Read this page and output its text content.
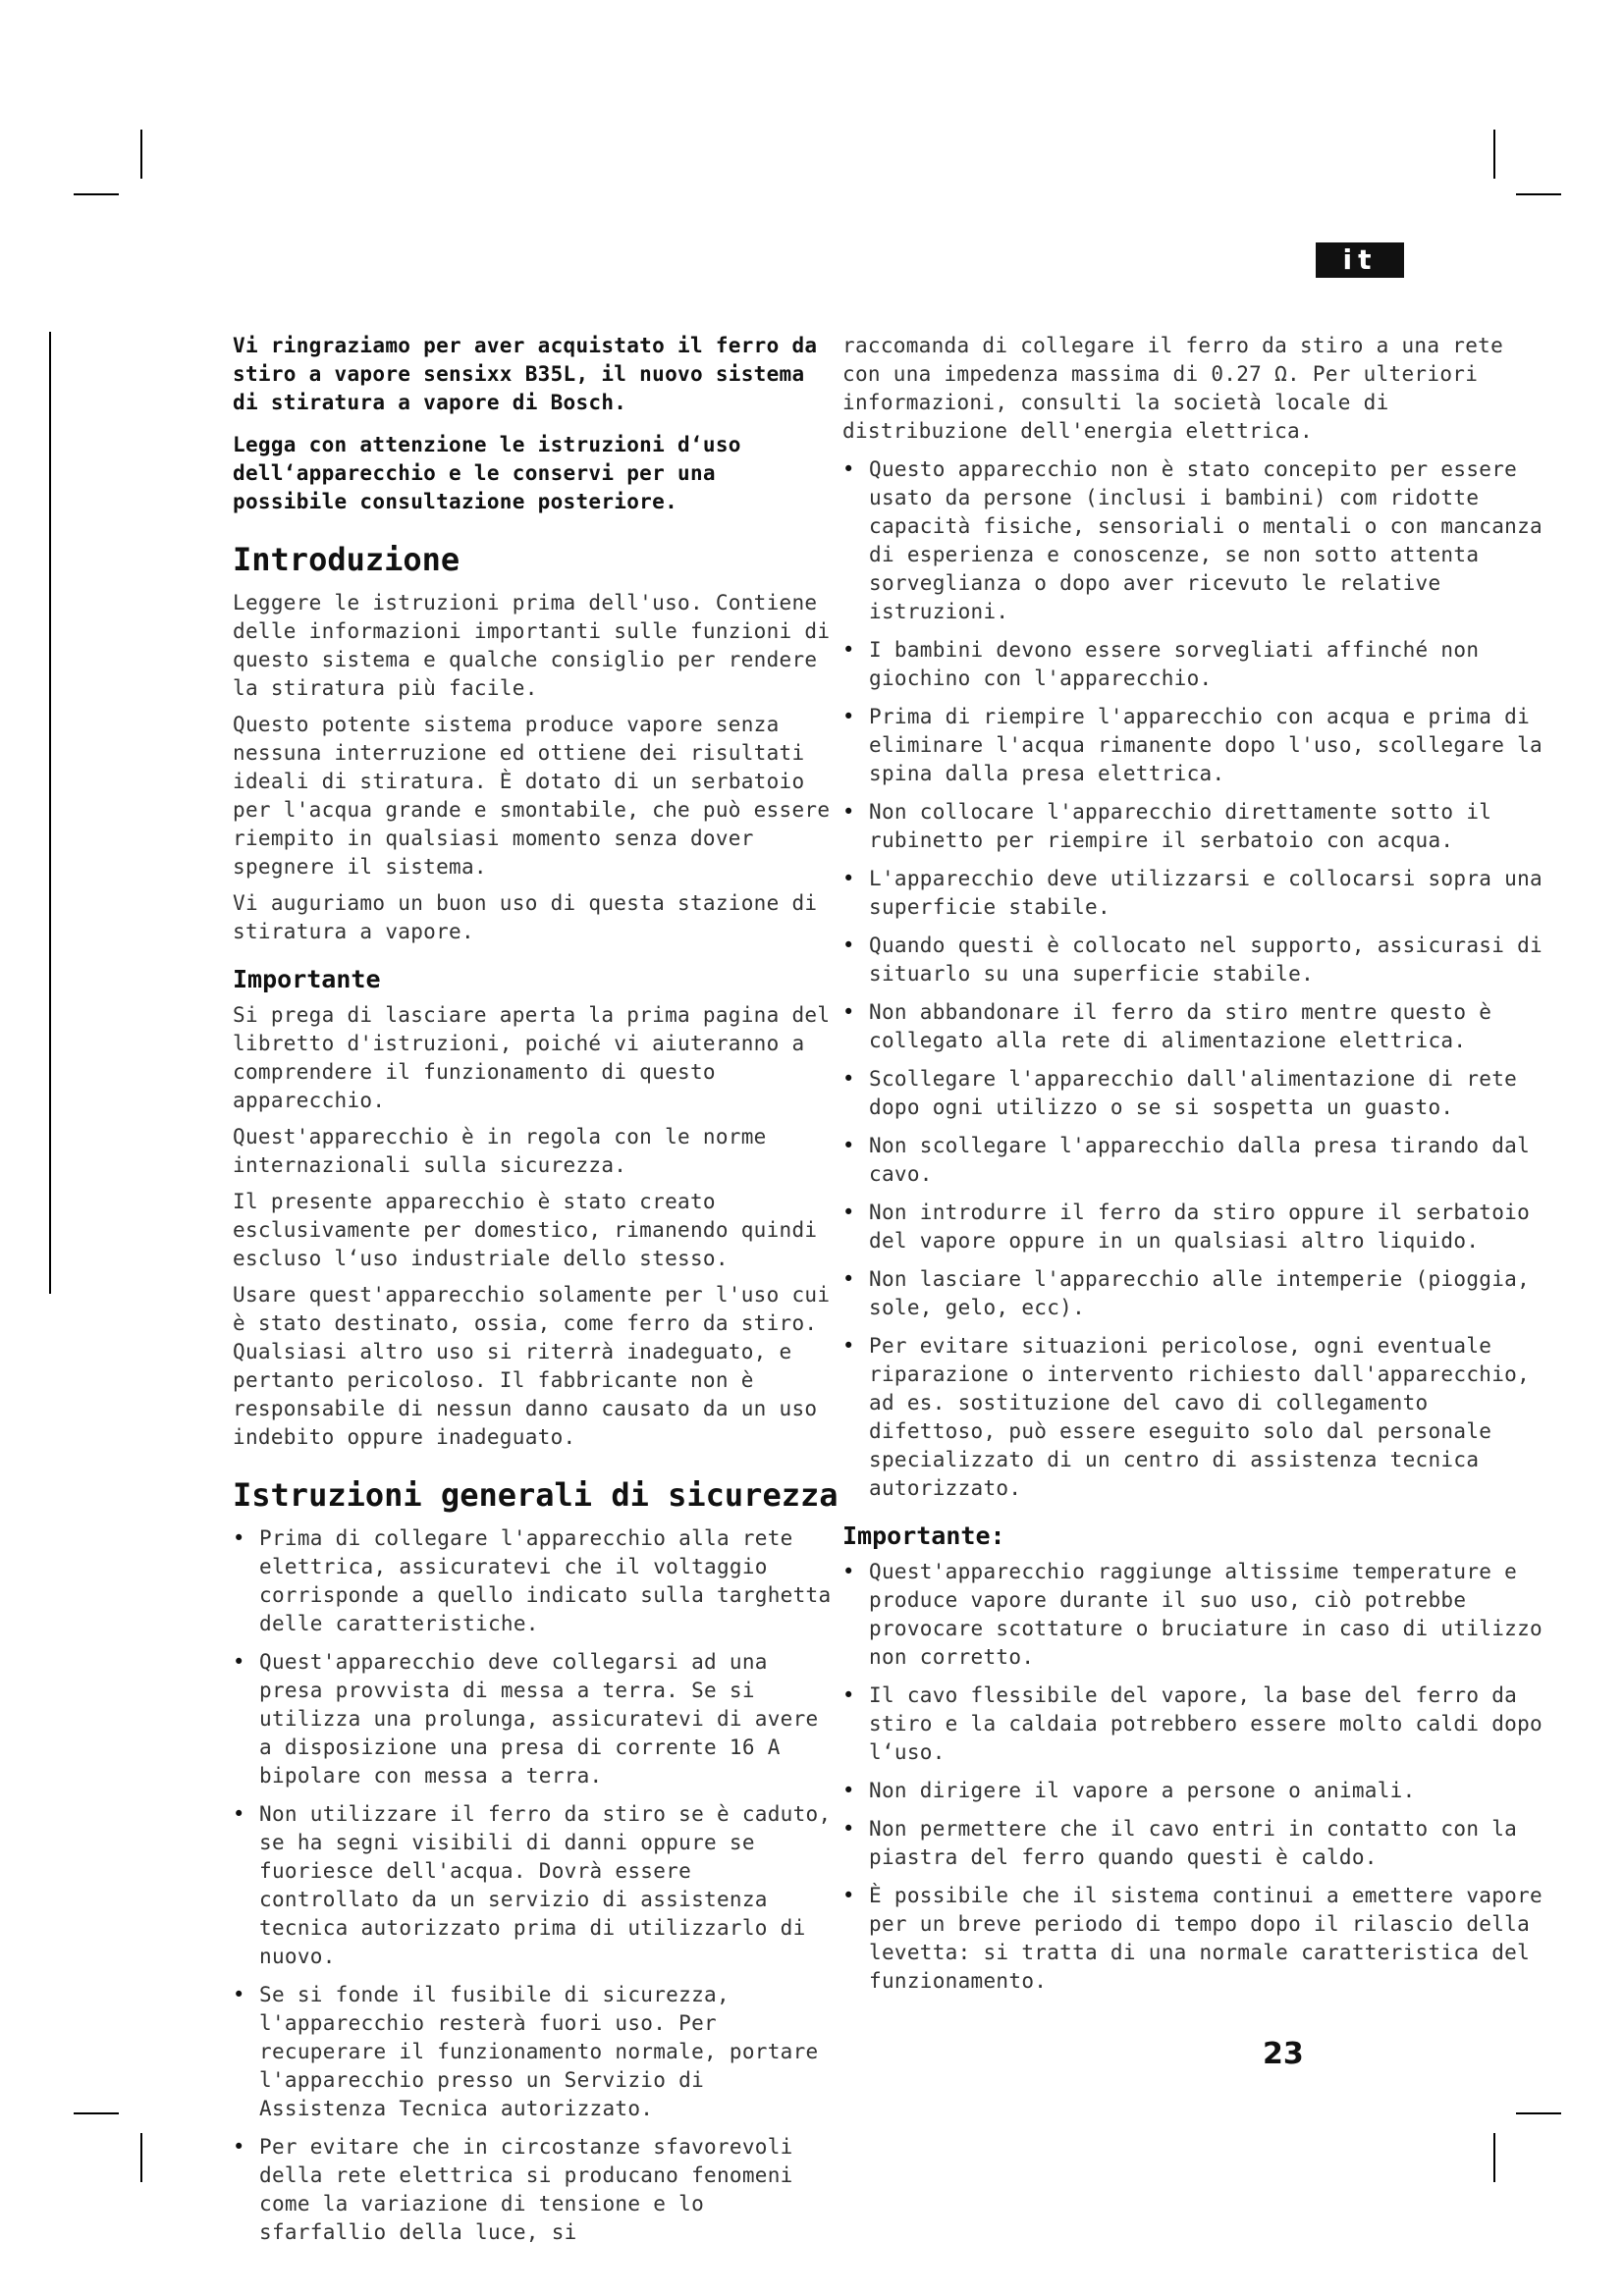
it

Vi ringraziamo per aver acquistato il ferro da stiro a vapore sensixx B35L, il nuovo sistema di stiratura a vapore di Bosch.

Legga con attenzione le istruzioni d‘uso dell‘apparecchio e le conservi per una possibile consultazione posteriore.

Introduzione

Leggere le istruzioni prima dell'uso. Contiene delle informazioni importanti sulle funzioni di questo sistema e qualche consiglio per rendere la stiratura più facile.

Questo potente sistema produce vapore senza nessuna interruzione ed ottiene dei risultati ideali di stiratura. È dotato di un serbatoio per l'acqua grande e smontabile, che può essere riempito in qualsiasi momento senza dover spegnere il sistema.

Vi auguriamo un buon uso di questa stazione di stiratura a vapore.

Importante

Si prega di lasciare aperta la prima pagina del libretto d'istruzioni, poiché vi aiuteranno a comprendere il funzionamento di questo apparecchio.

Quest'apparecchio è in regola con le norme internazionali sulla sicurezza.

Il presente apparecchio è stato creato esclusivamente per domestico, rimanendo quindi escluso l‘uso industriale dello stesso.

Usare quest'apparecchio solamente per l'uso cui è stato destinato, ossia, come ferro da stiro. Qualsiasi altro uso si riterrà inadeguato, e pertanto pericoloso. Il fabbricante non è responsabile di nessun danno causato da un uso indebito oppure inadeguato.

Istruzioni generali di sicurezza
• Prima di collegare l'apparecchio alla rete elettrica, assicuratevi che il voltaggio corrisponde a quello indicato sulla targhetta delle caratteristiche.
• Quest'apparecchio deve collegarsi ad una presa provvista di messa a terra. Se si utilizza una prolunga, assicuratevi di avere a disposizione una presa di corrente 16 A bipolare con messa a terra.
• Non utilizzare il ferro da stiro se è caduto, se ha segni visibili di danni oppure se fuoriesce dell'acqua. Dovrà essere controllato da un servizio di assistenza tecnica autorizzato prima di utilizzarlo di nuovo.
• Se si fonde il fusibile di sicurezza, l'apparecchio resterà fuori uso. Per recuperare il funzionamento normale, portare l'apparecchio presso un Servizio di Assistenza Tecnica autorizzato.
• Per evitare che in circostanze sfavorevoli della rete elettrica si producano fenomeni come la variazione di tensione e lo sfarfallio della luce, si

raccomanda di collegare il ferro da stiro a una rete con una impedenza massima di 0.27 Ω. Per ulteriori informazioni, consulti la società locale di distribuzione dell'energia elettrica.

• Questo apparecchio non è stato concepito per essere usato da persone (inclusi i bambini) com ridotte capacità fisiche, sensoriali o mentali o con mancanza di esperienza e conoscenze, se non sotto attenta sorveglianza o dopo aver ricevuto le relative istruzioni.
• I bambini devono essere sorvegliati affinché non giochino con l'apparecchio.
• Prima di riempire l'apparecchio con acqua e prima di eliminare l'acqua rimanente dopo l'uso, scollegare la spina dalla presa elettrica.
• Non collocare l'apparecchio direttamente sotto il rubinetto per riempire il serbatoio con acqua.
• L'apparecchio deve utilizzarsi e collocarsi sopra una superficie stabile.
• Quando questi è collocato nel supporto, assicurasi di situarlo su una superficie stabile.
• Non abbandonare il ferro da stiro mentre questo è collegato alla rete di alimentazione elettrica.
• Scollegare l'apparecchio dall'alimentazione di rete dopo ogni utilizzo o se si sospetta un guasto.
• Non scollegare l'apparecchio dalla presa tirando dal cavo.
• Non introdurre il ferro da stiro oppure il serbatoio del vapore oppure in un qualsiasi altro liquido.
• Non lasciare l'apparecchio alle intemperie (pioggia, sole, gelo, ecc).
• Per evitare situazioni pericolose, ogni eventuale riparazione o intervento richiesto dall'apparecchio, ad es. sostituzione del cavo di collegamento difettoso, può essere eseguito solo dal personale specializzato di un centro di assistenza tecnica autorizzato.
Importante:
• Quest'apparecchio raggiunge altissime temperature e produce vapore durante il suo uso, ciò potrebbe provocare scottature o bruciature in caso di utilizzo non corretto.
• Il cavo flessibile del vapore, la base del ferro da stiro e la caldaia potrebbero essere molto caldi dopo l‘uso.
• Non dirigere il vapore a persone o animali.
• Non permettere che il cavo entri in contatto con la piastra del ferro quando questi è caldo.
• È possibile che il sistema continui a emettere vapore per un breve periodo di tempo dopo il rilascio della levetta: si tratta di una normale caratteristica del funzionamento.
23
